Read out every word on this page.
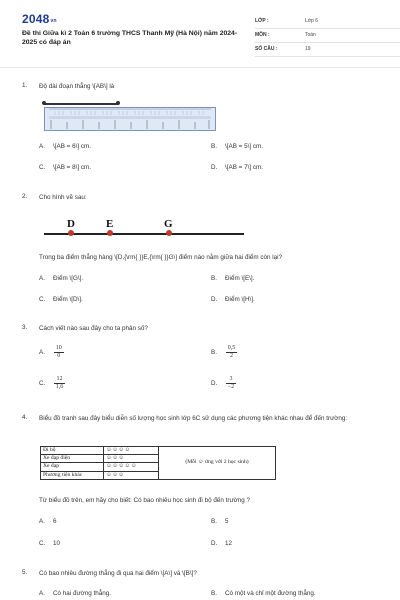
$2048_{vn}$
Đề thi Giữa kì 2 Toán 6 trường THCS Thanh Mỹ (Hà Nội) năm 2024-2025 có đáp án
LỚP :	Lớp 6
MÔN :	Toán
SỐ CÂU :	19
1. Độ dài đoạn thẳng \[AB\] là
A. \[AB = 6\] cm.	B. \[AB = 5\] cm.
C. \[AB = 8\] cm.	D. \[AB = 7\] cm.
2. Cho hình vẽ sau:
D	E	G
Trong ba điểm thẳng hàng \[D,{\rm{ }}E,{\rm{ }}G\] điểm nào nằm giữa hai điểm còn lại?
A. Điểm \[G\].	B. Điểm \[E\].
C. Điểm \[D\].	D. Điểm \[H\].
3. Cách viết nào sau đây cho ta phân số?
A. $\frac{10}{0}$	B. $\frac{0,5}{2}$
C. $\frac{12}{1,6}$	D. $\frac{3}{-2}$
4. Biểu đồ tranh sau đây biểu diễn số lượng học sinh lớp 6C sử dụng các phương tiện khác nhau để đến trường:
Đi bộ	☺☺☺☺	(Mỗi ☺ ứng với 2 học sinh)
Xe đạp điện	☺☺☺	
Xe đạp	☺☺☺☺☺	
Phương tiện khác	☺☺☺	
Từ biểu đồ trên, em hãy cho biết: Có bao nhiêu học sinh đi bộ đến trường ?
A. 6	B. 5
C. 10	D. 12
5. Có bao nhiêu đường thẳng đi qua hai điểm \[A\] và \[B\]?
A. Có hai đường thẳng.	B. Có một và chỉ một đường thẳng.
